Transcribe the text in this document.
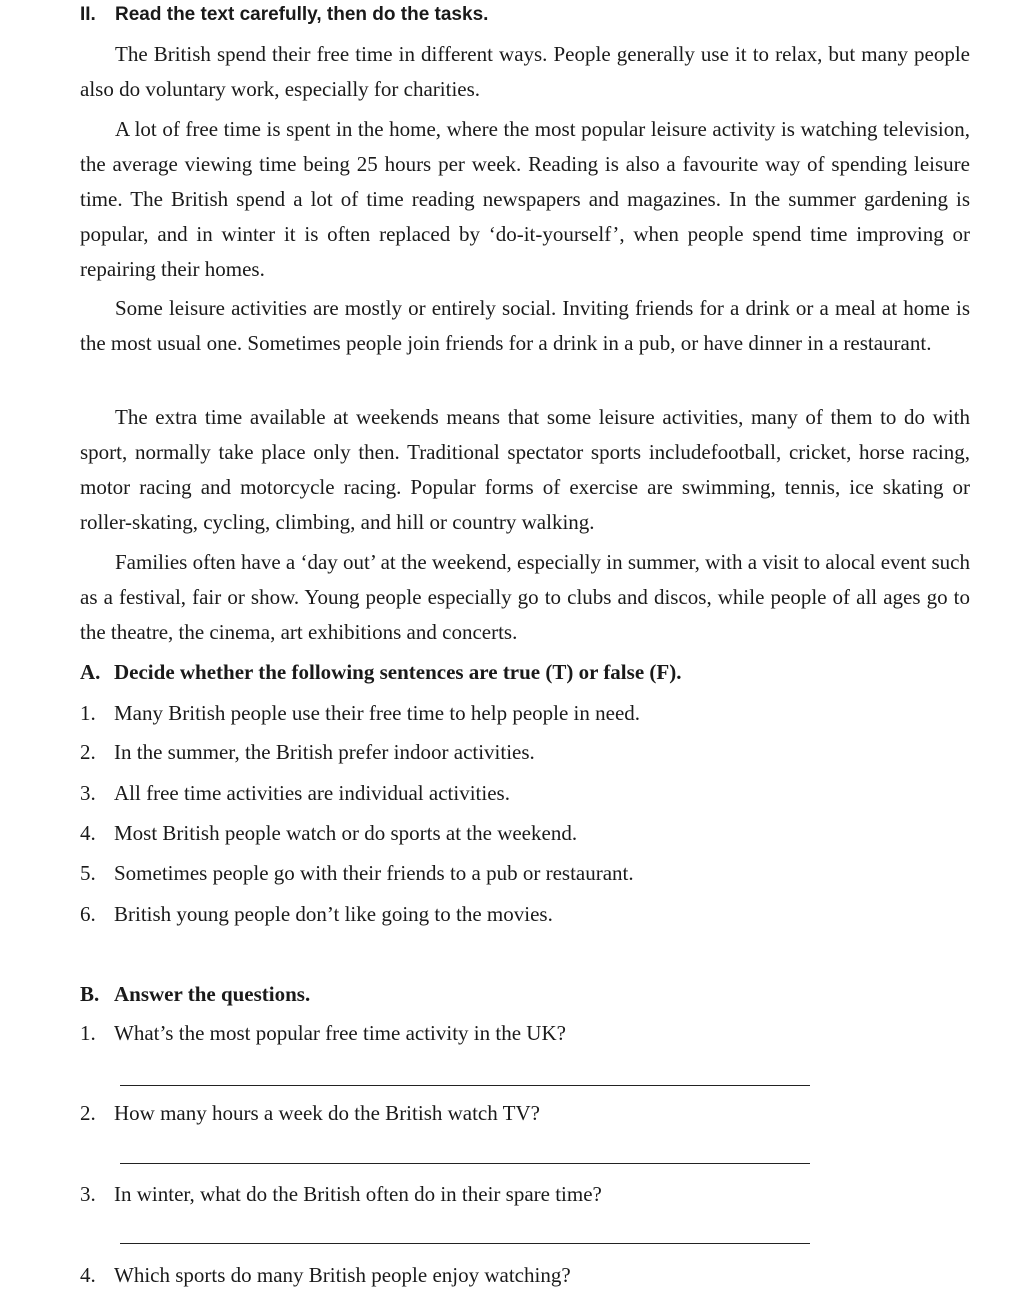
II. Read the text carefully, then do the tasks.

The British spend their free time in different ways. People generally use it to relax, but many people also do voluntary work, especially for charities.

A lot of free time is spent in the home, where the most popular leisure activity is watching television, the average viewing time being 25 hours per week. Reading is also a favourite way of spending leisure time. The British spend a lot of time reading newspapers and magazines. In the summer gardening is popular, and in winter it is often replaced by ‘do-it-yourself’, when people spend time improving or repairing their homes.

Some leisure activities are mostly or entirely social. Inviting friends for a drink or a meal at home is the most usual one. Sometimes people join friends for a drink in a pub, or have dinner in a restaurant.

The extra time available at weekends means that some leisure activities, many of them to do with sport, normally take place only then. Traditional spectator sports includefootball, cricket, horse racing, motor racing and motorcycle racing. Popular forms of exercise are swimming, tennis, ice skating or roller-skating, cycling, climbing, and hill or country walking.

Families often have a ‘day out’ at the weekend, especially in summer, with a visit to alocal event such as a festival, fair or show. Young people especially go to clubs and discos, while people of all ages go to the theatre, the cinema, art exhibitions and concerts.

A. Decide whether the following sentences are true (T) or false (F).
1. Many British people use their free time to help people in need.
2. In the summer, the British prefer indoor activities.
3. All free time activities are individual activities.
4. Most British people watch or do sports at the weekend.
5. Sometimes people go with their friends to a pub or restaurant.
6. British young people don’t like going to the movies.
B. Answer the questions.
1. What’s the most popular free time activity in the UK?
2. How many hours a week do the British watch TV?
3. In winter, what do the British often do in their spare time?
4. Which sports do many British people enjoy watching?
